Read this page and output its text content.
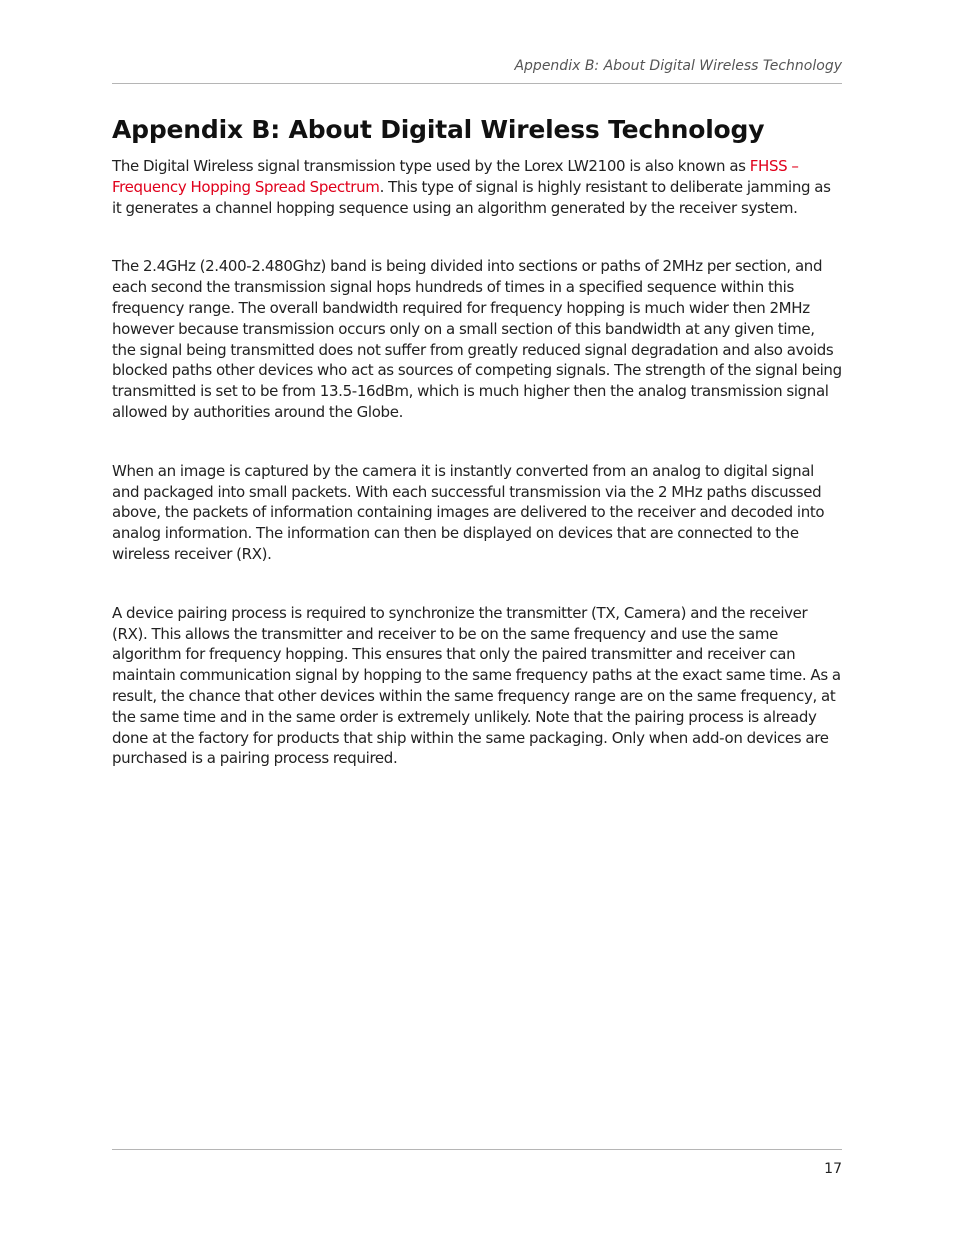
Appendix B: About Digital Wireless Technology
Appendix B: About Digital Wireless Technology

The Digital Wireless signal transmission type used by the Lorex LW2100 is also known as FHSS –Frequency Hopping Spread Spectrum. This type of signal is highly resistant to deliberate jamming as it generates a channel hopping sequence using an algorithm generated by the receiver system.

The 2.4GHz (2.400-2.480Ghz) band is being divided into sections or paths of 2MHz per section, and each second the transmission signal hops hundreds of times in a specified sequence within this frequency range. The overall bandwidth required for frequency hopping is much wider then 2MHz however because transmission occurs only on a small section of this bandwidth at any given time, the signal being transmitted does not suffer from greatly reduced signal degradation and also avoids blocked paths other devices who act as sources of competing signals. The strength of the signal being transmitted is set to be from 13.5-16dBm, which is much higher then the analog transmission signal allowed by authorities around the Globe.

When an image is captured by the camera it is instantly converted from an analog to digital signal and packaged into small packets. With each successful transmission via the 2 MHz paths discussed above, the packets of information containing images are delivered to the receiver and decoded into analog information. The information can then be displayed on devices that are connected to the wireless receiver (RX).

A device pairing process is required to synchronize the transmitter (TX, Camera) and the receiver (RX). This allows the transmitter and receiver to be on the same frequency and use the same algorithm for frequency hopping. This ensures that only the paired transmitter and receiver can maintain communication signal by hopping to the same frequency paths at the exact same time. As a result, the chance that other devices within the same frequency range are on the same frequency, at the same time and in the same order is extremely unlikely. Note that the pairing process is already done at the factory for products that ship within the same packaging. Only when add-on devices are purchased is a pairing process required.

17
